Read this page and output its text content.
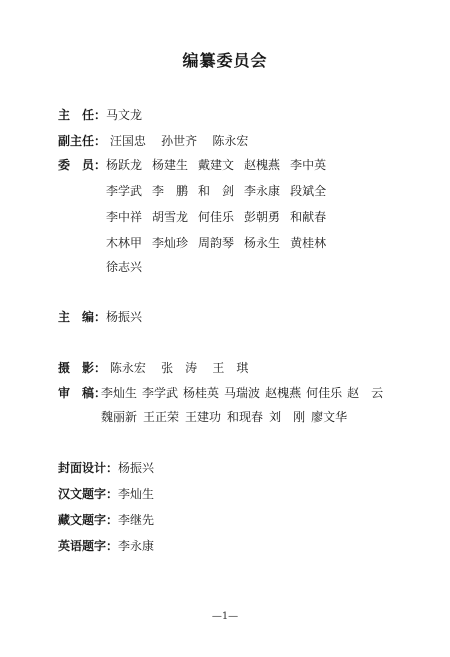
编纂委员会
主　任：马文龙
副主任： 汪国忠 孙世齐 陈永宏
委　员： 杨跃龙 杨建生 戴建文 赵槐燕 李中英
李学武 李　鹏 和　剑 李永康 段斌全
李中祥 胡雪龙 何佳乐 彭朝勇 和献春
木林甲 李灿珍 周韵琴 杨永生 黄桂林
徐志兴
主　编：杨振兴
摄　影： 陈永宏 张　涛 王　琪
审　稿：
李灿生 李学武 杨桂英 马瑞波 赵槐燕 何佳乐 赵　云
魏丽新 王正荣 王建功 和现春 刘　刚 廖文华
封面设计：杨振兴
汉文题字：李灿生
藏文题字：李继先
英语题字：李永康
—1—
